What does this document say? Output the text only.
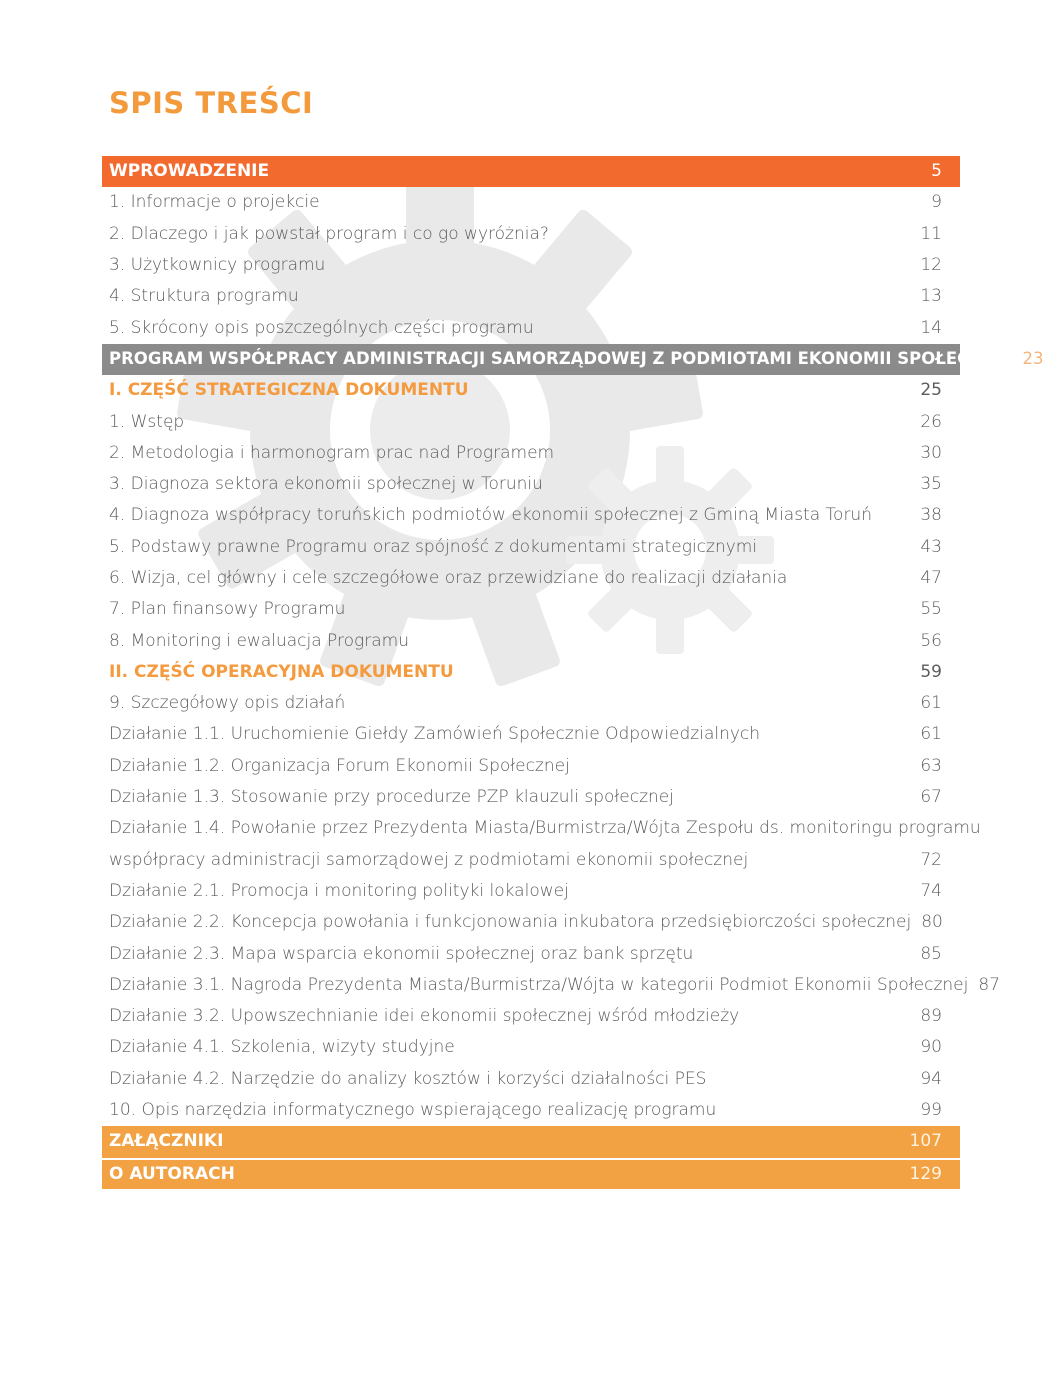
SPIS TREŚCI
WPROWADZENIE	5
1. Informacje o projekcie	9
2. Dlaczego i jak powstał program i co go wyróżnia?	11
3. Użytkownicy programu	12
4. Struktura programu	13
5. Skrócony opis poszczególnych części programu	14
PROGRAM WSPÓŁPRACY ADMINISTRACJI SAMORZĄDOWEJ Z PODMIOTAMI EKONOMII SPOŁECZNEJ 23
I. CZĘŚĆ STRATEGICZNA DOKUMENTU	25
1. Wstęp	26
2. Metodologia i harmonogram prac nad Programem	30
3. Diagnoza sektora ekonomii społecznej w Toruniu	35
4. Diagnoza współpracy toruńskich podmiotów ekonomii społecznej z Gminą Miasta Toruń	38
5. Podstawy prawne Programu oraz spójność z dokumentami strategicznymi	43
6. Wizja, cel główny i cele szczegółowe oraz przewidziane do realizacji działania	47
7. Plan finansowy Programu	55
8. Monitoring i ewaluacja Programu	56
II. CZĘŚĆ OPERACYJNA DOKUMENTU	59
9. Szczegółowy opis działań	61
Działanie 1.1. Uruchomienie Giełdy Zamówień Społecznie Odpowiedzialnych	61
Działanie 1.2. Organizacja Forum Ekonomii Społecznej	63
Działanie 1.3. Stosowanie przy procedurze PZP klauzuli społecznej	67
Działanie 1.4. Powołanie przez Prezydenta Miasta/Burmistrza/Wójta Zespołu ds. monitoringu programu
współpracy administracji samorządowej z podmiotami ekonomii społecznej	72
Działanie 2.1. Promocja i monitoring polityki lokalowej	74
Działanie 2.2. Koncepcja powołania i funkcjonowania inkubatora przedsiębiorczości społecznej 80
Działanie 2.3. Mapa wsparcia ekonomii społecznej oraz bank sprzętu	85
Działanie 3.1. Nagroda Prezydenta Miasta/Burmistrza/Wójta w kategorii Podmiot Ekonomii Społecznej 87
Działanie 3.2. Upowszechnianie idei ekonomii społecznej wśród młodzieży	89
Działanie 4.1. Szkolenia, wizyty studyjne	90
Działanie 4.2. Narzędzie do analizy kosztów i korzyści działalności PES	94
10. Opis narzędzia informatycznego wspierającego realizację programu	99
ZAŁĄCZNIKI	107
O AUTORACH	129
